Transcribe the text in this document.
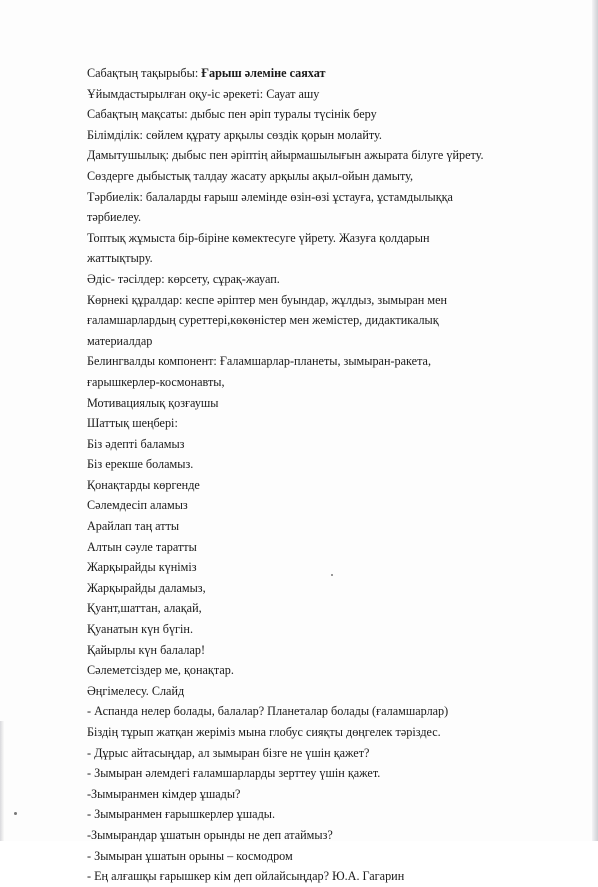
Сабақтың тақырыбы: Ғарыш әлеміне саяхат
Ұйымдастырылған оқу-іс әрекеті: Сауат ашу
Сабақтың мақсаты: дыбыс пен әріп туралы түсінік беру
Білімділік: сөйлем құрату арқылы сөздік қорын молайту.
Дамытушылық: дыбыс пен әріптің айырмашылығын ажырата білуге үйрету.
Сөздерге дыбыстық талдау жасату арқылы ақыл-ойын дамыту,
Тәрбиелік: балаларды ғарыш әлемінде өзін-өзі ұстауға, ұстамдылыққа
тәрбиелеу.
Топтық жұмыста бір-біріне көмектесуге үйрету. Жазуға қолдарын
жаттықтыру.
Әдіс- тәсілдер: көрсету, сұрақ-жауап.
Көрнекі құралдар: кеспе әріптер мен буындар, жұлдыз, зымыран мен
ғаламшарлардың суреттері,көкөністер мен жемістер, дидактикалық
материалдар
Белингвалды компонент: Ғаламшарлар-планеты, зымыран-ракета,
ғарышкерлер-космонавты,
Мотивациялық қозғаушы
Шаттық шеңбері:
Біз әдепті баламыз
Біз ерекше боламыз.
Қонақтарды көргенде
Сәлемдесіп аламыз
Арайлап таң атты
Алтын сәуле таратты
Жарқырайды күніміз
Жарқырайды даламыз,
Қуант,шаттан, алақай,
Қуанатын күн бүгін.
Қайырлы күн балалар!
Сәлеметсіздер ме, қонақтар.
Әңгімелесу. Слайд
- Аспанда нелер болады, балалар? Планеталар болады (ғаламшарлар)
Біздің тұрып жатқан жеріміз мына глобус сияқты дөңгелек тәріздес.
- Дұрыс айтасыңдар, ал зымыран бізге не үшін қажет?
- Зымыран әлемдегі ғаламшарларды зерттеу үшін қажет.
-Зымыранмен кімдер ұшады?
- Зымыранмен ғарышкерлер ұшады.
-Зымырандар ұшатын орынды не деп атаймыз?
- Зымыран ұшатын орыны – космодром
- Ең алғашқы ғарышкер кім деп ойлайсыңдар? Ю.А. Гагарин
